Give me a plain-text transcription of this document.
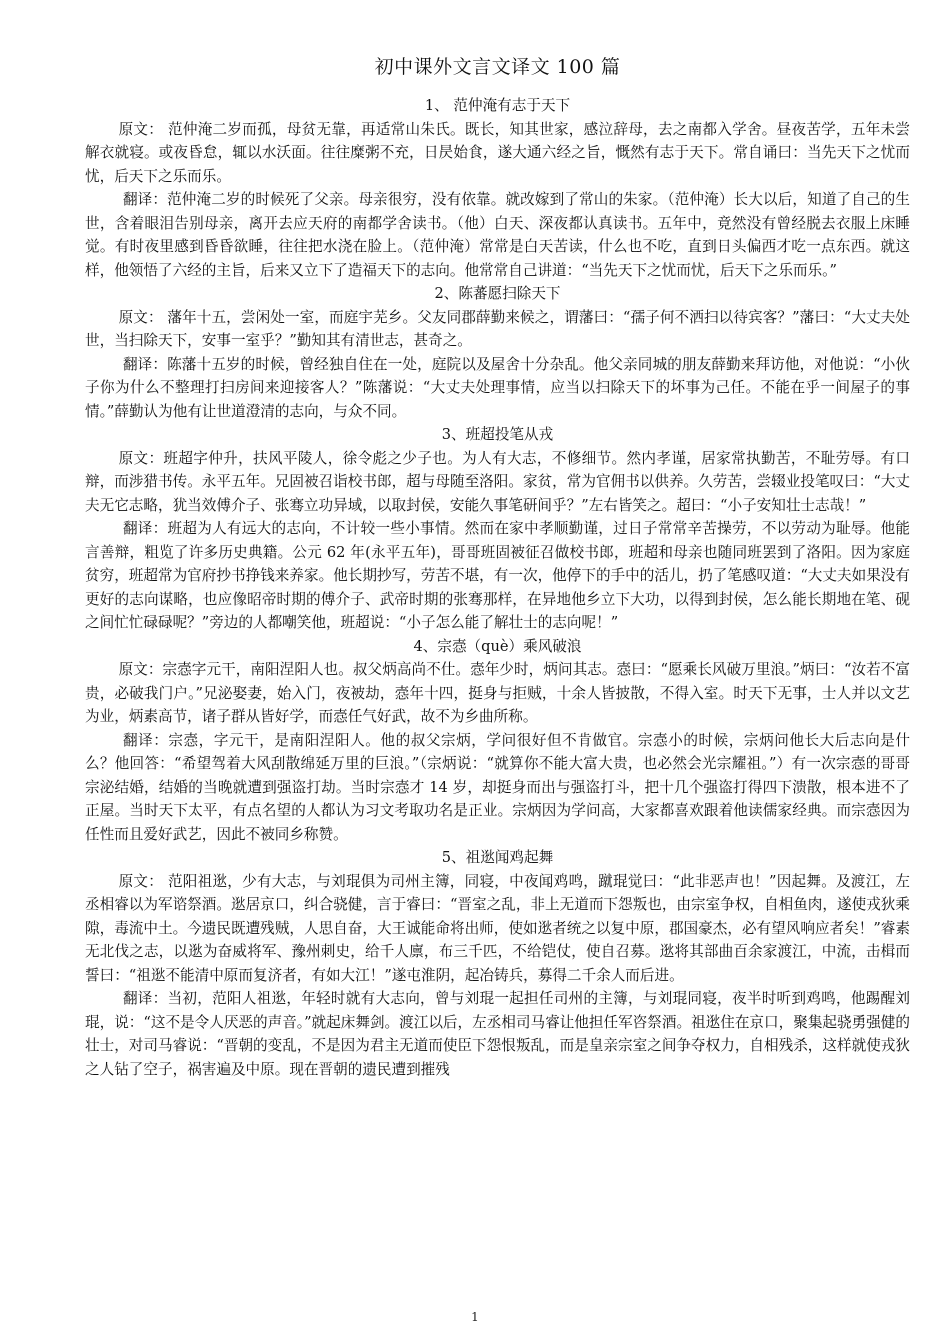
初中课外文言文译文 100 篇
1、 范仲淹有志于天下

原文： 范仲淹二岁而孤，母贫无靠，再适常山朱氏。既长，知其世家，感泣辞母，去之南都入学舍。昼夜苦学，五年未尝解衣就寝。或夜昏怠，辄以水沃面。往往糜粥不充，日昃始食，遂大通六经之旨，慨然有志于天下。常自诵曰：当先天下之忧而忧，后天下之乐而乐。

翻译：范仲淹二岁的时候死了父亲。母亲很穷，没有依靠。就改嫁到了常山的朱家。（范仲淹）长大以后，知道了自己的生世，含着眼泪告别母亲，离开去应天府的南都学舍读书。（他）白天、深夜都认真读书。五年中，竟然没有曾经脱去衣服上床睡觉。有时夜里感到昏昏欲睡，往往把水浇在脸上。（范仲淹）常常是白天苦读，什么也不吃，直到日头偏西才吃一点东西。就这样，他领悟了六经的主旨，后来又立下了造福天下的志向。他常常自己讲道：“当先天下之忧而忧，后天下之乐而乐。”

2、陈蕃愿扫除天下

原文： 藩年十五，尝闲处一室，而庭宇芜乡。父友同郡薛勤来候之，谓藩曰：“孺子何不洒扫以待宾客？”藩曰：“大丈夫处世，当扫除天下，安事一室乎？”勤知其有清世志，甚奇之。

翻译：陈藩十五岁的时候，曾经独自住在一处，庭院以及屋舍十分杂乱。他父亲同城的朋友薛勤来拜访他，对他说：“小伙子你为什么不整理打扫房间来迎接客人？”陈藩说：“大丈夫处理事情，应当以扫除天下的坏事为己任。不能在乎一间屋子的事情。”薛勤认为他有让世道澄清的志向，与众不同。

3、班超投笔从戎

原文：班超字仲升，扶风平陵人，徐令彪之少子也。为人有大志，不修细节。然内孝谨，居家常执勤苦，不耻劳辱。有口辩，而涉猎书传。永平五年。兄固被召诣校书郎，超与母随至洛阳。家贫，常为官佣书以供养。久劳苦，尝辍业投笔叹曰：“大丈夫无它志略，犹当效傅介子、张骞立功异域，以取封侯，安能久事笔研间乎？”左右皆笑之。超曰：“小子安知壮士志哉！”

翻译：班超为人有远大的志向，不计较一些小事情。然而在家中孝顺勤谨，过日子常常辛苦操劳，不以劳动为耻辱。他能言善辩，粗览了许多历史典籍。公元 62 年(永平五年)，哥哥班固被征召做校书郎，班超和母亲也随同班罢到了洛阳。因为家庭贫穷，班超常为官府抄书挣钱来养家。他长期抄写，劳苦不堪，有一次，他停下的手中的活儿，扔了笔感叹道：“大丈夫如果没有更好的志向谋略，也应像昭帝时期的傅介子、武帝时期的张骞那样，在异地他乡立下大功，以得到封侯，怎么能长期地在笔、砚之间忙忙碌碌呢？”旁边的人都嘲笑他，班超说：“小子怎么能了解壮士的志向呢！”

4、宗悫（què）乘风破浪

原文：宗悫字元干，南阳涅阳人也。叔父炳高尚不仕。悫年少时，炳问其志。悫曰：“愿乘长风破万里浪。”炳曰：“汝若不富贵，必破我门户。”兄泌娶妻，始入门，夜被劫，悫年十四，挺身与拒贼，十余人皆披散，不得入室。时天下无事，士人并以文艺为业，炳素高节，诸子群从皆好学，而悫任气好武，故不为乡曲所称。

翻译：宗悫，字元干，是南阳涅阳人。他的叔父宗炳，学问很好但不肯做官。宗悫小的时候，宗炳问他长大后志向是什么？他回答：“希望驾着大风刮散绵延万里的巨浪。”（宗炳说：“就算你不能大富大贵，也必然会光宗耀祖。”）有一次宗悫的哥哥宗泌结婚，结婚的当晚就遭到强盗打劫。当时宗悫才 14 岁，却挺身而出与强盗打斗，把十几个强盗打得四下溃散，根本进不了正屋。当时天下太平，有点名望的人都认为习文考取功名是正业。宗炳因为学问高，大家都喜欢跟着他读儒家经典。而宗悫因为任性而且爱好武艺，因此不被同乡称赞。

5、祖逖闻鸡起舞

原文： 范阳祖逖，少有大志，与刘琨俱为司州主簿，同寝，中夜闻鸡鸣，蹴琨觉曰：“此非恶声也！”因起舞。及渡江，左丞相睿以为军谘祭酒。逖居京口，纠合骁健，言于睿曰：“晋室之乱，非上无道而下怨叛也，由宗室争权，自相鱼肉，遂使戎狄乘隙，毒流中土。今遗民既遭残贼，人思自奋，大王诚能命将出师，使如逖者统之以复中原，郡国豪杰，必有望风响应者矣！”睿素无北伐之志，以逖为奋威将军、豫州刺史，给千人廪，布三千匹，不给铠仗，使自召募。逖将其部曲百余家渡江，中流，击楫而誓曰：“祖逖不能清中原而复济者，有如大江！”遂屯淮阴，起冶铸兵，募得二千余人而后进。

翻译：当初，范阳人祖逖，年轻时就有大志向，曾与刘琨一起担任司州的主簿，与刘琨同寝，夜半时听到鸡鸣，他踢醒刘琨，说：“这不是令人厌恶的声音。”就起床舞剑。渡江以后，左丞相司马睿让他担任军咨祭酒。祖逖住在京口，聚集起骁勇强健的壮士，对司马睿说：“晋朝的变乱，不是因为君主无道而使臣下怨恨叛乱，而是皇亲宗室之间争夺权力，自相残杀，这样就使戎狄之人钻了空子，祸害遍及中原。现在晋朝的遗民遭到摧残

1
